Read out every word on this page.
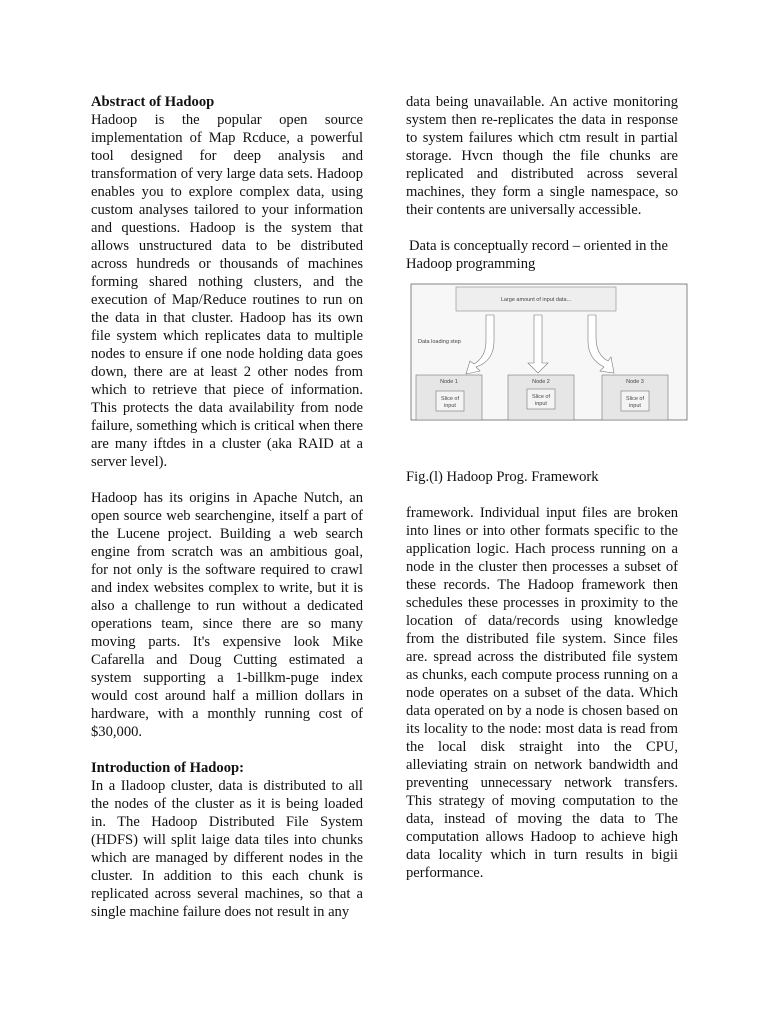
Abstract of Hadoop
Hadoop is the popular open source implementation of Map Rcduce, a powerful tool designed for deep analysis and transformation of very large data sets. Hadoop enables you to explore complex data, using custom analyses tailored to your information and questions. Hadoop is the system that allows unstructured data to be distributed across hundreds or thousands of machines forming shared nothing clusters, and the execution of Map/Reduce routines to run on the data in that cluster. Hadoop has its own file system which replicates data to multiple nodes to ensure if one node holding data goes down, there are at least 2 other nodes from which to retrieve that piece of information. This protects the data availability from node failure, something which is critical when there are many iftdes in a cluster (aka RAID at a server level).

Hadoop has its origins in Apache Nutch, an open source web searchengine, itself a part of the Lucene project. Building a web search engine from scratch was an ambitious goal, for not only is the software required to crawl and index websites complex to write, but it is also a challenge to run without a dedicated operations team, since there are so many moving parts. It's expensive look Mike Cafarella and Doug Cutting estimated a system supporting a 1-billkm-puge index would cost around half a million dollars in hardware, with a monthly running cost of $30,000.

Introduction of Hadoop:
In a Iladoop cluster, data is distributed to all the nodes of the cluster as it is being loaded in. The Hadoop Distributed File System (HDFS) will split laige data tiles into chunks which are managed by different nodes in the cluster. In addition to this each chunk is replicated across several machines, so that a single machine failure does not result in any

data being unavailable. An active monitoring system then re-replicates the data in response to system failures which ctm result in partial storage. Hvcn though the file chunks are replicated and distributed across several machines, they form a single namespace, so their contents are universally accessible.

Data is conceptually record – oriented in the Hadoop programming

Large amount of input data...
Data loading step
Node 1
Slice of
input
Node 2
Slice of
input
Node 3
Slice of
input

Fig.(l) Hadoop Prog. Framework

framework. Individual input files are broken into lines or into other formats specific to the application logic. Hach process running on a node in the cluster then processes a subset of these records. The Hadoop framework then schedules these processes in proximity to the location of data/records using knowledge from the distributed file system. Since files are. spread across the distributed file system as chunks, each compute process running on a node operates on a subset of the data. Which data operated on by a node is chosen based on its locality to the node: most data is read from the local disk straight into the CPU, alleviating strain on network bandwidth and preventing unnecessary network transfers. This strategy of moving computation to the data, instead of moving the data to The computation allows Hadoop to achieve high data locality which in turn results in bigii performance.
